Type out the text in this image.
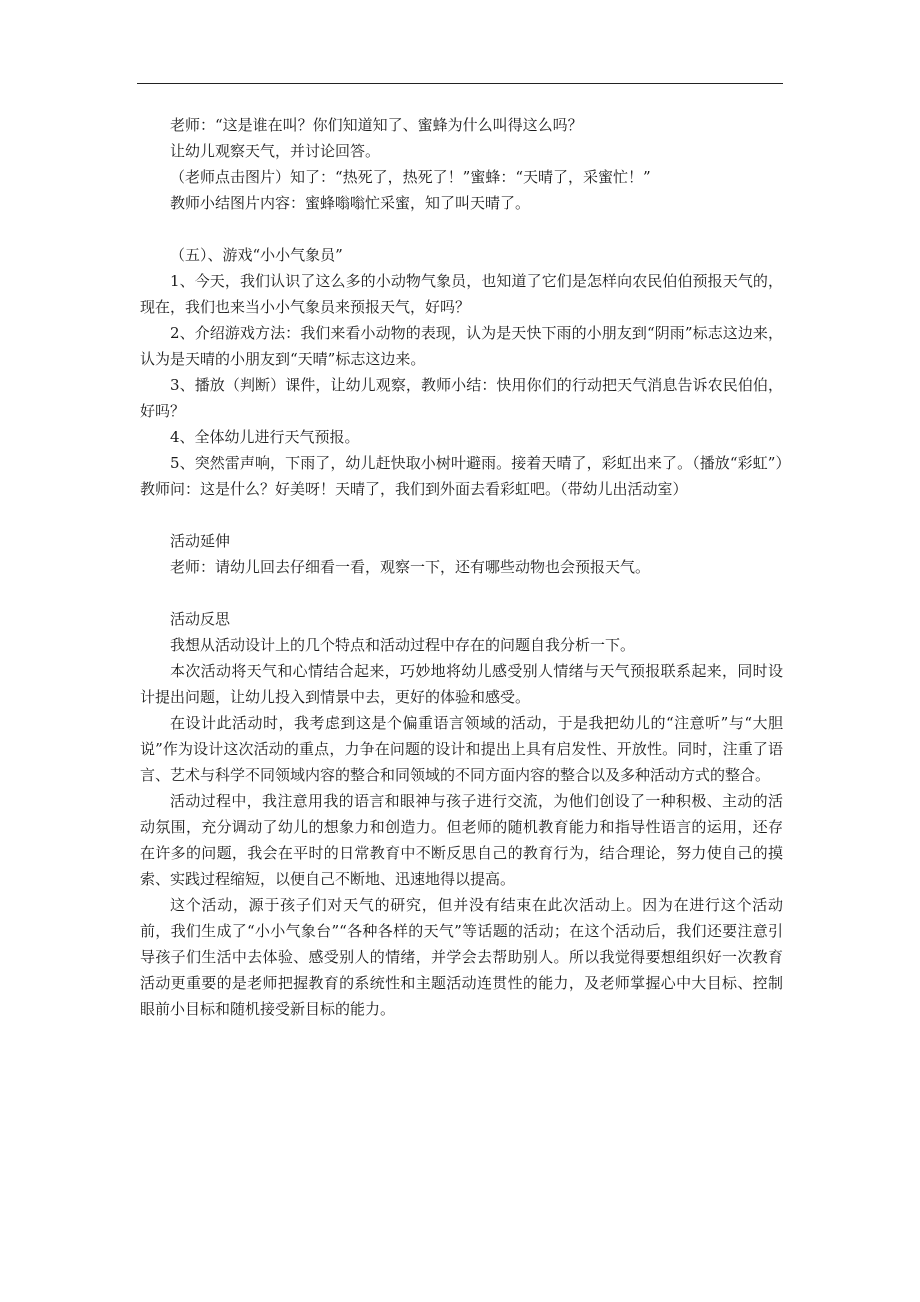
老师：“这是谁在叫？你们知道知了、蜜蜂为什么叫得这么吗？

让幼儿观察天气，并讨论回答。

（老师点击图片）知了：“热死了，热死了！”蜜蜂：“天晴了，采蜜忙！”

教师小结图片内容：蜜蜂嗡嗡忙采蜜，知了叫天晴了。

（五）、游戏“小小气象员”

1、今天，我们认识了这么多的小动物气象员，也知道了它们是怎样向农民伯伯预报天气的，现在，我们也来当小小气象员来预报天气，好吗？

2、介绍游戏方法：我们来看小动物的表现，认为是天快下雨的小朋友到“阴雨”标志这边来，认为是天晴的小朋友到“天晴”标志这边来。

3、播放（判断）课件，让幼儿观察，教师小结：快用你们的行动把天气消息告诉农民伯伯，好吗？

4、全体幼儿进行天气预报。

5、突然雷声响，下雨了，幼儿赶快取小树叶避雨。接着天晴了，彩虹出来了。（播放“彩虹”）教师问：这是什么？好美呀！天晴了，我们到外面去看彩虹吧。（带幼儿出活动室）

活动延伸

老师：请幼儿回去仔细看一看，观察一下，还有哪些动物也会预报天气。

活动反思

我想从活动设计上的几个特点和活动过程中存在的问题自我分析一下。

本次活动将天气和心情结合起来，巧妙地将幼儿感受别人情绪与天气预报联系起来，同时设计提出问题，让幼儿投入到情景中去，更好的体验和感受。

在设计此活动时，我考虑到这是个偏重语言领域的活动，于是我把幼儿的“注意听”与“大胆说”作为设计这次活动的重点，力争在问题的设计和提出上具有启发性、开放性。同时，注重了语言、艺术与科学不同领域内容的整合和同领域的不同方面内容的整合以及多种活动方式的整合。

活动过程中，我注意用我的语言和眼神与孩子进行交流，为他们创设了一种积极、主动的活动氛围，充分调动了幼儿的想象力和创造力。但老师的随机教育能力和指导性语言的运用，还存在许多的问题，我会在平时的日常教育中不断反思自己的教育行为，结合理论，努力使自己的摸索、实践过程缩短，以便自己不断地、迅速地得以提高。

这个活动，源于孩子们对天气的研究，但并没有结束在此次活动上。因为在进行这个活动前，我们生成了“小小气象台”“各种各样的天气”等话题的活动；在这个活动后，我们还要注意引导孩子们生活中去体验、感受别人的情绪，并学会去帮助别人。所以我觉得要想组织好一次教育活动更重要的是老师把握教育的系统性和主题活动连贯性的能力，及老师掌握心中大目标、控制眼前小目标和随机接受新目标的能力。
